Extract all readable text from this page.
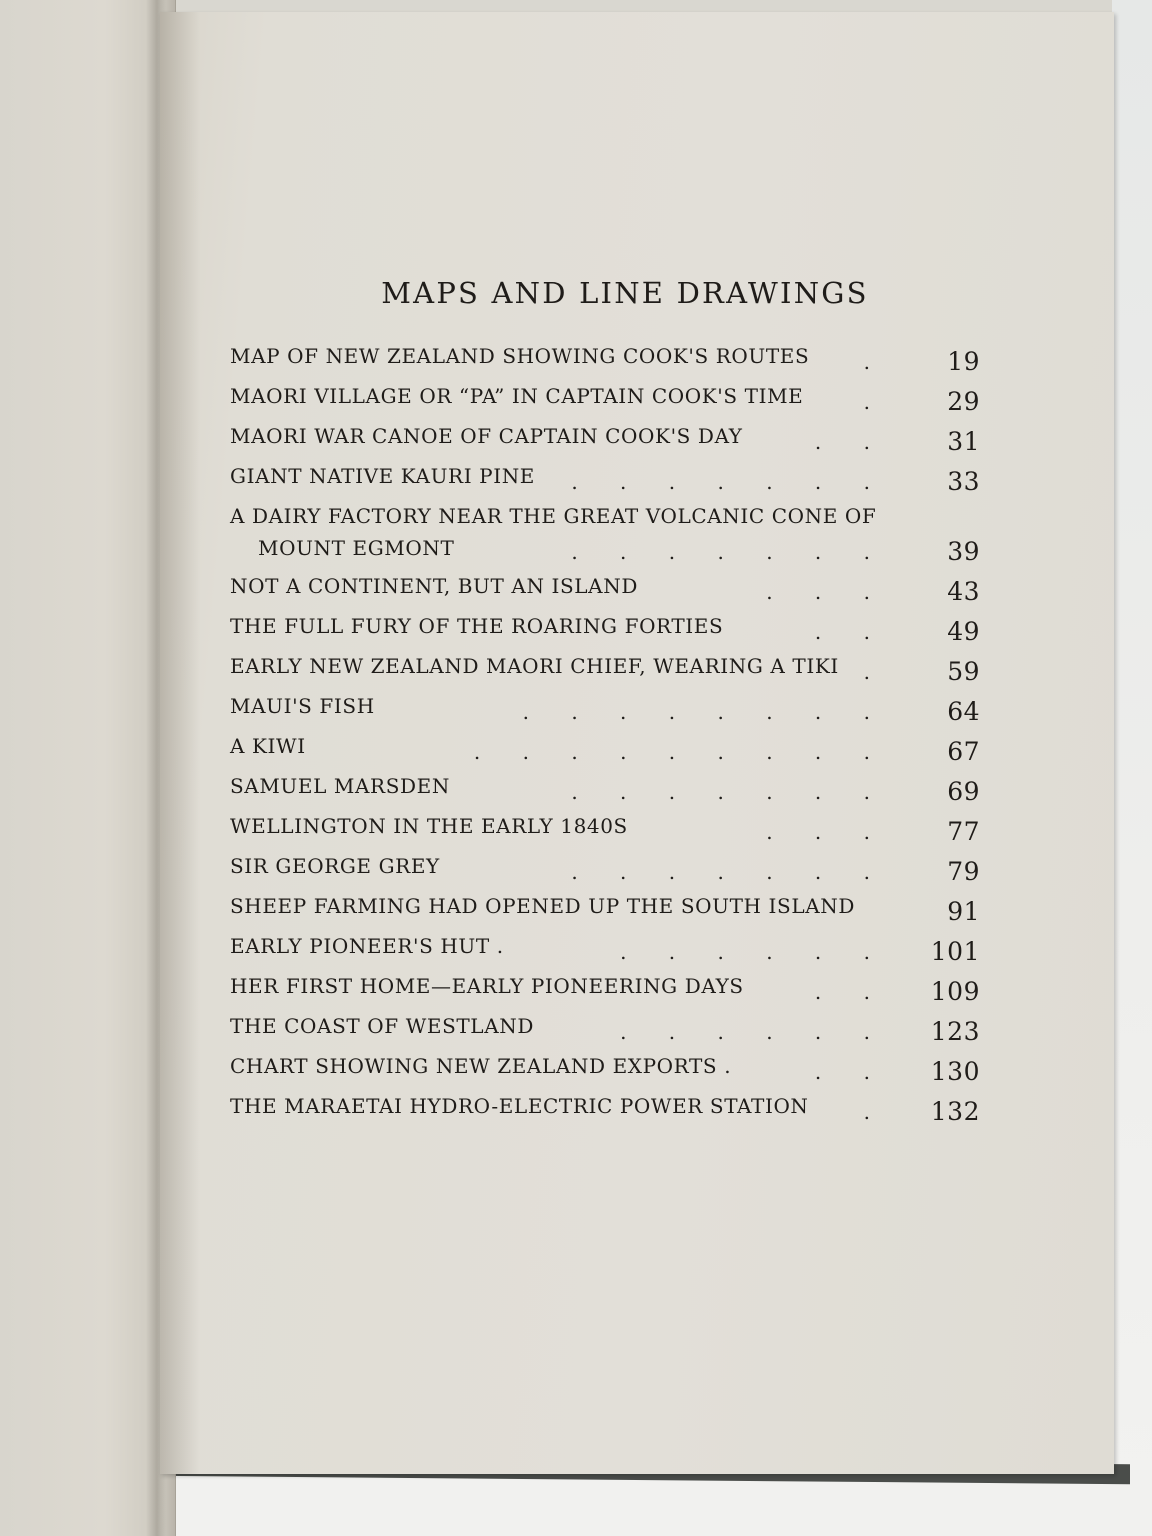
MAPS AND LINE DRAWINGS
MAP OF NEW ZEALAND SHOWING COOK'S ROUTES	.	19
MAORI VILLAGE OR “PA” IN CAPTAIN COOK'S TIME	.	29
MAORI WAR CANOE OF CAPTAIN COOK'S DAY	. .	31
GIANT NATIVE KAURI PINE	. . . . . . .	33
A DAIRY FACTORY NEAR THE GREAT VOLCANIC CONE OF
MOUNT EGMONT	. . . . . . .	39
NOT A CONTINENT, BUT AN ISLAND	. . .	43
THE FULL FURY OF THE ROARING FORTIES	. .	49
EARLY NEW ZEALAND MAORI CHIEF, WEARING A TIKI	.	59
MAUI'S FISH	. . . . . . . .	64
A KIWI	. . . . . . . . .	67
SAMUEL MARSDEN	. . . . . . .	69
WELLINGTON IN THE EARLY 1840S	. . .	77
SIR GEORGE GREY	. . . . . . .	79
SHEEP FARMING HAD OPENED UP THE SOUTH ISLAND	91
EARLY PIONEER'S HUT .	. . . . . .	101
HER FIRST HOME—EARLY PIONEERING DAYS	. .	109
THE COAST OF WESTLAND	. . . . . .	123
CHART SHOWING NEW ZEALAND EXPORTS .	. .	130
THE MARAETAI HYDRO-ELECTRIC POWER STATION	.	132
